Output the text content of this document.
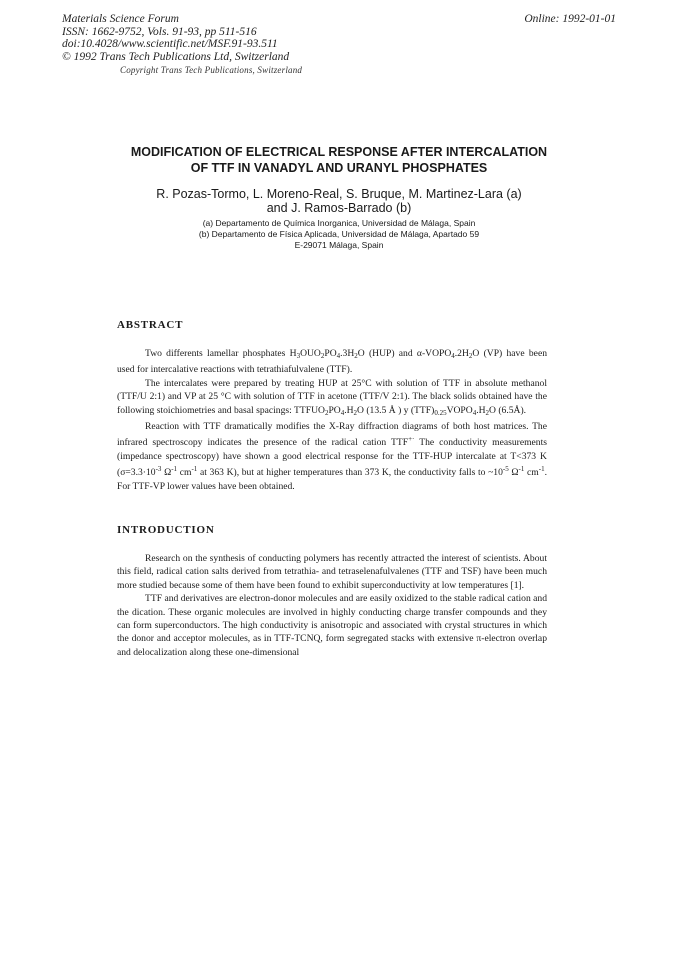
Materials Science Forum
ISSN: 1662-9752, Vols. 91-93, pp 511-516
doi:10.4028/www.scientific.net/MSF.91-93.511
© 1992 Trans Tech Publications Ltd, Switzerland
Online: 1992-01-01
Copyright Trans Tech Publications, Switzerland
MODIFICATION OF ELECTRICAL RESPONSE AFTER INTERCALATION
OF TTF IN VANADYL AND URANYL PHOSPHATES
R. Pozas-Tormo, L. Moreno-Real, S. Bruque, M. Martinez-Lara (a)
and J. Ramos-Barrado (b)
(a) Departamento de Química Inorganica, Universidad de Málaga, Spain
(b) Departamento de Física Aplicada, Universidad de Málaga, Apartado 59
E-29071 Málaga, Spain
ABSTRACT

Two differents lamellar phosphates $H_3OUO_2PO_4.3H_2O$ (HUP) and $\alpha-VOPO_4.2H_2O$ (VP) have been used for intercalative reactions with tetrathiafulvalene (TTF).

The intercalates were prepared by treating HUP at 25°C with solution of TTF in absolute methanol (TTF/U 2:1) and VP at 25 °C with solution of TTF in acetone (TTF/V 2:1). The black solids obtained have the following stoichiometries and basal spacings: $TTFUO_2PO_4.H_2O$ (13.5 Å ) y $(TTF)_{0.25}VOPO_4.H_2O$ (6.5Å).

Reaction with TTF dramatically modifies the X-Ray diffraction diagrams of both host matrices. The infrared spectroscopy indicates the presence of the radical cation TTF+· The conductivity measurements (impedance spectroscopy) have shown a good electrical response for the TTF-HUP intercalate at T<373 K ($\sigma=3.3\cdot 10^{-3}$ $\Omega^{-1}$ $cm^{-1}$ at 363 K), but at higher temperatures than 373 K, the conductivity falls to $\sim 10^{-5}$ $\Omega^{-1}$ $cm^{-1}$. For TTF-VP lower values have been obtained.

INTRODUCTION

Research on the synthesis of conducting polymers has recently attracted the interest of scientists. About this field, radical cation salts derived from tetrathia- and tetraselenafulvalenes (TTF and TSF) have been much more studied because some of them have been found to exhibit superconductivity at low temperatures [1].

TTF and derivatives are electron-donor molecules and are easily oxidized to the stable radical cation and the dication. These organic molecules are involved in highly conducting charge transfer compounds and they can form superconductors. The high conductivity is anisotropic and associated with crystal structures in which the donor and acceptor molecules, as in TTF-TCNQ, form segregated stacks with extensive π-electron overlap and delocalization along these one-dimensional
